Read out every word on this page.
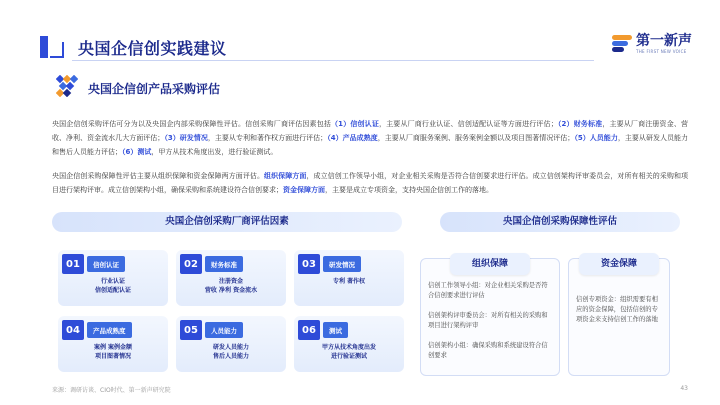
央国企信创实践建议	第一新声
THE FIRST NEW VOICE
央国企信创产品采购评估
央国企信创采购评估可分为以及央国企内部采购保障性评估。信创采购厂商评估因素包括（1）信创认证，主要从厂商行业认证、信创适配认证等方面进行评估；（2）财务标准，主要从厂商注册资金、营收、净利、资金流水几大方面评估；（3）研发情况，主要从专利和著作权方面进行评估；（4）产品成熟度，主要从厂商服务案例、服务案例金额以及项目图著情况评估；（5）人员能力，主要从研发人员能力和售后人员能力评估；（6）测试，甲方从技术角度出发，进行验证测试。
央国企信创采购保障性评估主要从组织保障和资金保障两方面评估。组织保障方面，成立信创工作领导小组，对企业相关采购是否符合信创要求进行评估。成立信创架构评审委员会，对所有相关的采购和项目进行架构评审。成立信创架构小组，确保采购和系统建设符合信创要求；资金保障方面，主要是成立专项资金，支持央国企信创工作的落地。
央国企信创采购厂商评估因素
01	信创认证
行业认证
信创适配认证
02	财务标准
注册资金
营收 净利 资金流水
03	研发情况
专利 著作权
04	产品成熟度
案例 案例金额
项目图著情况
05	人员能力
研发人员能力
售后人员能力
06	测试
甲方从技术角度出发
进行验证测试
央国企信创采购保障性评估
组织保障
信创工作领导小组：对企业相关采购是否符合信创要求进行评估
信创架构评审委员会：对所有相关的采购和项目进行架构评审
信创架构小组：确保采购和系统建设符合信创要求
资金保障
信创专项资金：组织需要有相应的资金保障，包括信创的专项资金来支持信创工作的落地
来源：调研访谈、CIO时代、第一新声研究院	43
